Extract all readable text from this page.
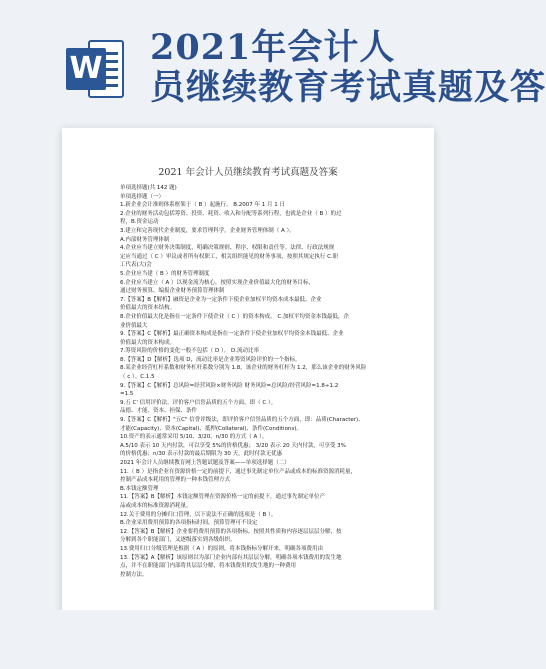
W
2021年会计人
员继续教育考试真题及答
2021 年会计人员继续教育考试真题及答案

单项选择题(共 142 题)

单项选择题（一）

1.新企业会计准则体系框架于（ B ）起施行。 B.2007 年 1 月 1 日

2.企业的财务活动包括筹资、投资、耗资、收入和分配等系列行程，也就是企业（ B ）的过

程，B.资金运动

3.建立和完善现代企业制度，要求管理科学，企业财务管理体制（ A ）。

A.内部财务管理体制

4.企业应当建立财务决策制度，明确决策规则、程序、权限和责任等。法律、行政法规规

定应当通过（ C ）审议或者所有权职工，相关组织能见的财务事项，按照其规定执行 C.职

工代表(大)会

5.企业应当建（ B ）的财务管理制度

6.企业应当建立（ A ）以现金流为核心，按照实现企业价值最大化的财务目标，

通过财务预算，编报企业财务预算管理体制

7.【答案】B【解析】融资是企业为一定条件下使企业加权平均资本成本最低、企业

价值最大的资本结构。

8.企业价值最大化是指在一定条件下使企业（ C ）的资本构成。 C.加权平均资金本钱最低，企

业价值最大

9.【答案】C【解析】最正确资本构成是指在一定条件下使企业加权平均资金本钱最低、企业

价值最大的资本构成。

7.筹资风险的价格的变化一般不包括（ D ）。 D.流动比率

8.【答案】D【解析】选项 D，流动比率是企业筹资风险评价的一个指标。

8.某企业经营杠杆系数和财务杠杆系数分别为 1.8，该企业的财务杠杆为 1.2，那么该企业的财务风险

（ c ）。C.1.5

9.【答案】C【解析】总风险=经营风险×财务风险 财务风险=总风险/经营风险=1.8÷1.2

=1.5

9.五 C' 信用评价法，评价客户信誉品质的五个方面，即（ C ）。

品德、才能、资本、担保、条件

9.【答案】C【解析】"五C" 信誉评级法，即评价客户信誉品质的五个方面，即：品质(Character)、

才能(Capacity)、资本(Capital)、抵押(Collateral)、条件(Conditions)。

10.资产的表示通常采用 5/10、3/20、n/30 的方式（ A ）。

A.5/10 表示 10 天内付款，可以享受 5%的价格优惠； 3/20 表示 20 天内付款，可享受 3%

的价格优惠；n/30 表示付款的最后期限为 30 天，此时付款无优惠

2021 年会计人员继续教育网上答题试题及答案——单项选择题（二）

11.（ B ）是指企业在资源价格一定的前提下，通过事先制定单位产品或成本的标准资源消耗量，

控制产品成本耗用的管理的一种本钱管理方式

B.本钱定额管理

11.【答案】B【解析】本钱定额管理在资源价格一定的前提下，通过事先制定单位产

品或成本的标准资源消耗量。

12.关于费用的分摊归口管理，以下说法不正确的选项是（ B ）。

B.企业采用费用预算的各项指标时间，预算管理可不设定

12.【答案】B【解析】企业要将费用预算的各项指标，按照其性质和内容逐层层层分解，按

分解到各个职能部门，又逐级落实到各级组织。

13.费用归口分级管理是根据（ A ）的原则，将本钱指标分解开来，明确各项费用由

13.【答案】A【解析】该原则以为部门企业内部有其层层分解，明确各项本钱费用的发生地

点，并不在职能部门内部将其层层分解，将本钱费用的发生地的一种费用

控制方法。
